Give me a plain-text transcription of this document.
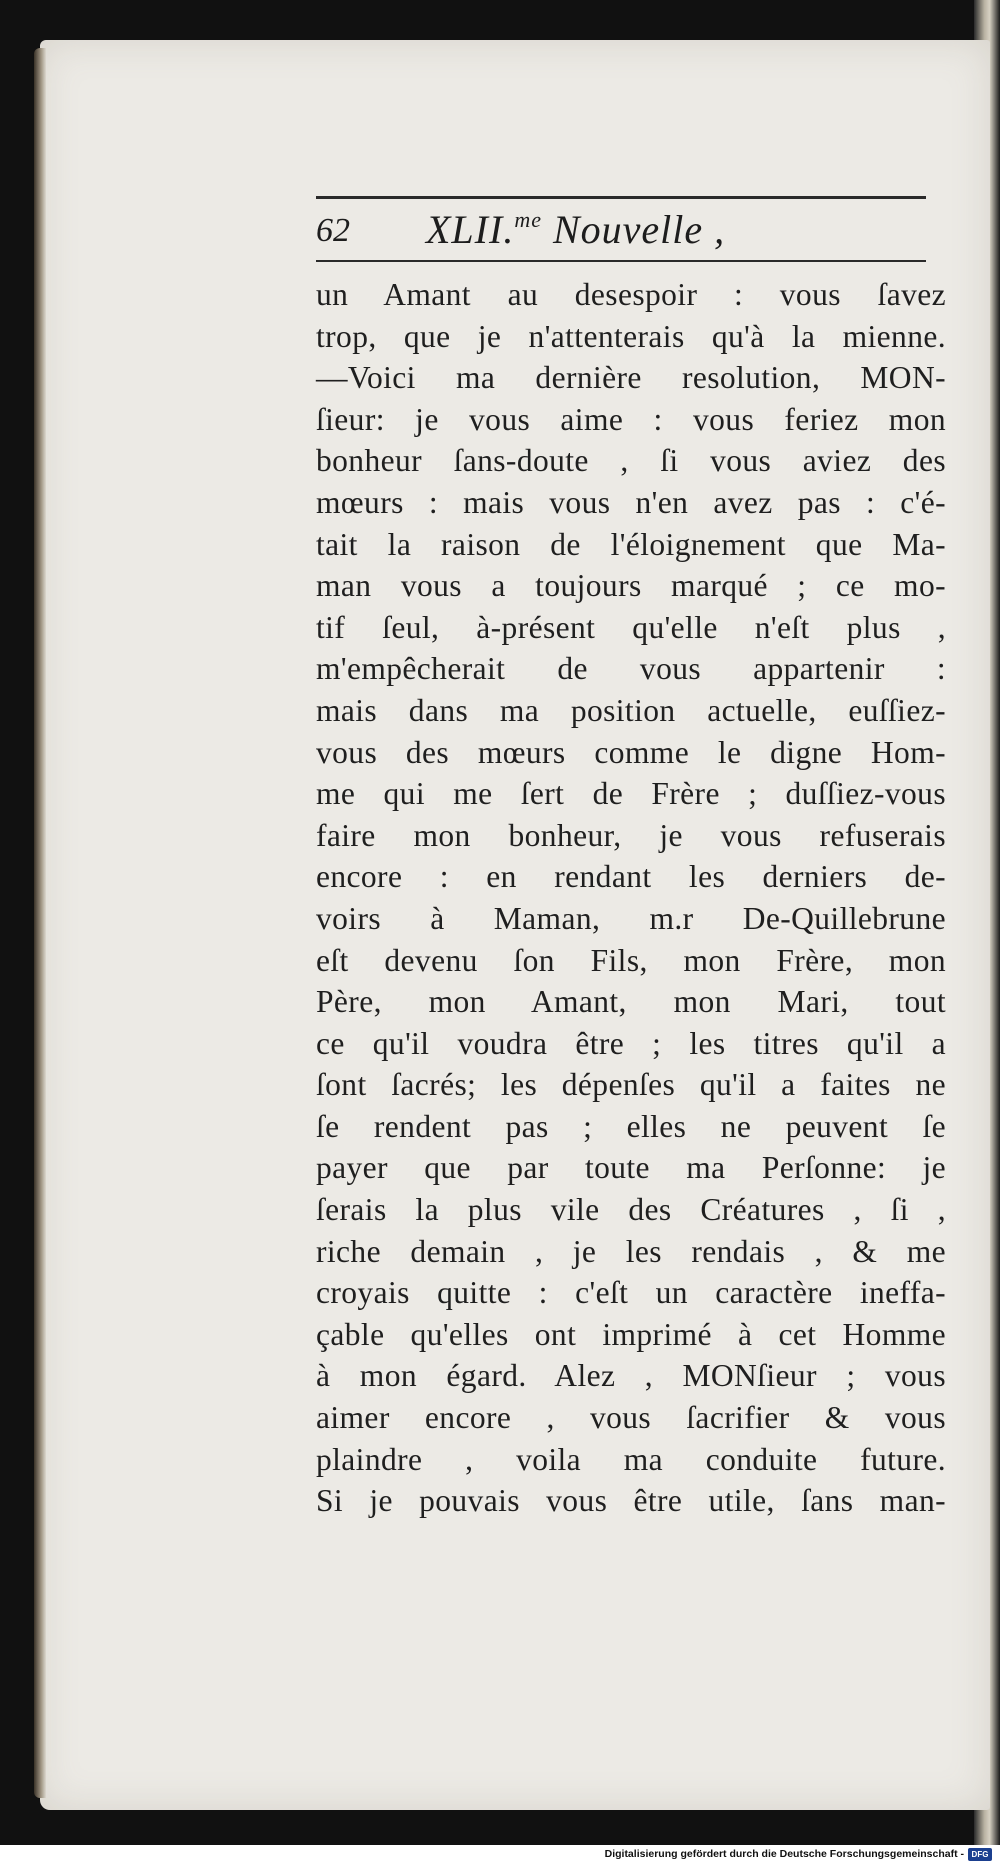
62 XLII.$^{me}$ Nouvelle ,
un Amant au desespoir : vous ſavez
trop, que je n'attenterais qu'à la mienne.
—Voici ma dernière resolution, MON-
ſieur: je vous aime : vous feriez mon
bonheur ſans-doute , ſi vous aviez des
mœurs : mais vous n'en avez pas : c'é-
tait la raison de l'éloignement que Ma-
man vous a toujours marqué ; ce mo-
tif ſeul, à-présent qu'elle n'eſt plus ,
m'empêcherait de vous appartenir :
mais dans ma position actuelle, euſſiez-
vous des mœurs comme le digne Hom-
me qui me ſert de Frère ; duſſiez-vous
faire mon bonheur, je vous refuserais
encore : en rendant les derniers de-
voirs à Maman, m.r De-Quillebrune
eſt devenu ſon Fils, mon Frère, mon
Père, mon Amant, mon Mari, tout
ce qu'il voudra être ; les titres qu'il a
ſont ſacrés; les dépenſes qu'il a faites ne
ſe rendent pas ; elles ne peuvent ſe
payer que par toute ma Perſonne: je
ſerais la plus vile des Créatures , ſi ,
riche demain , je les rendais , & me
croyais quitte : c'eſt un caractère ineffa-
çable qu'elles ont imprimé à cet Homme
à mon égard. Alez , MONſieur ; vous
aimer encore , vous ſacrifier & vous
plaindre , voila ma conduite future.
Si je pouvais vous être utile, ſans man-
Digitalisierung gefördert durch die Deutsche Forschungsgemeinschaft - DFG
